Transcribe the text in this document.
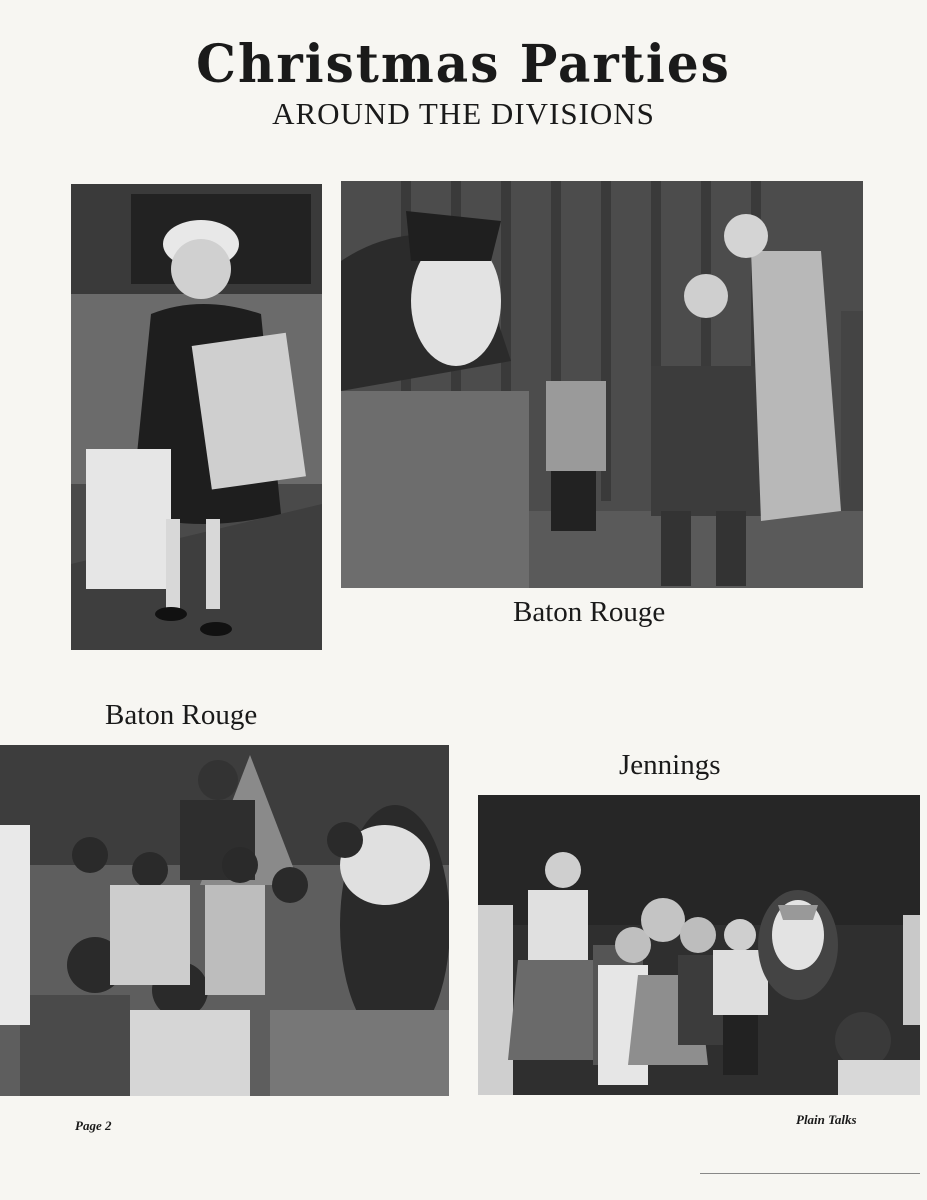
Christmas Parties
AROUND THE DIVISIONS
Baton Rouge
Baton Rouge
Jennings
Page 2	Plain Talks
